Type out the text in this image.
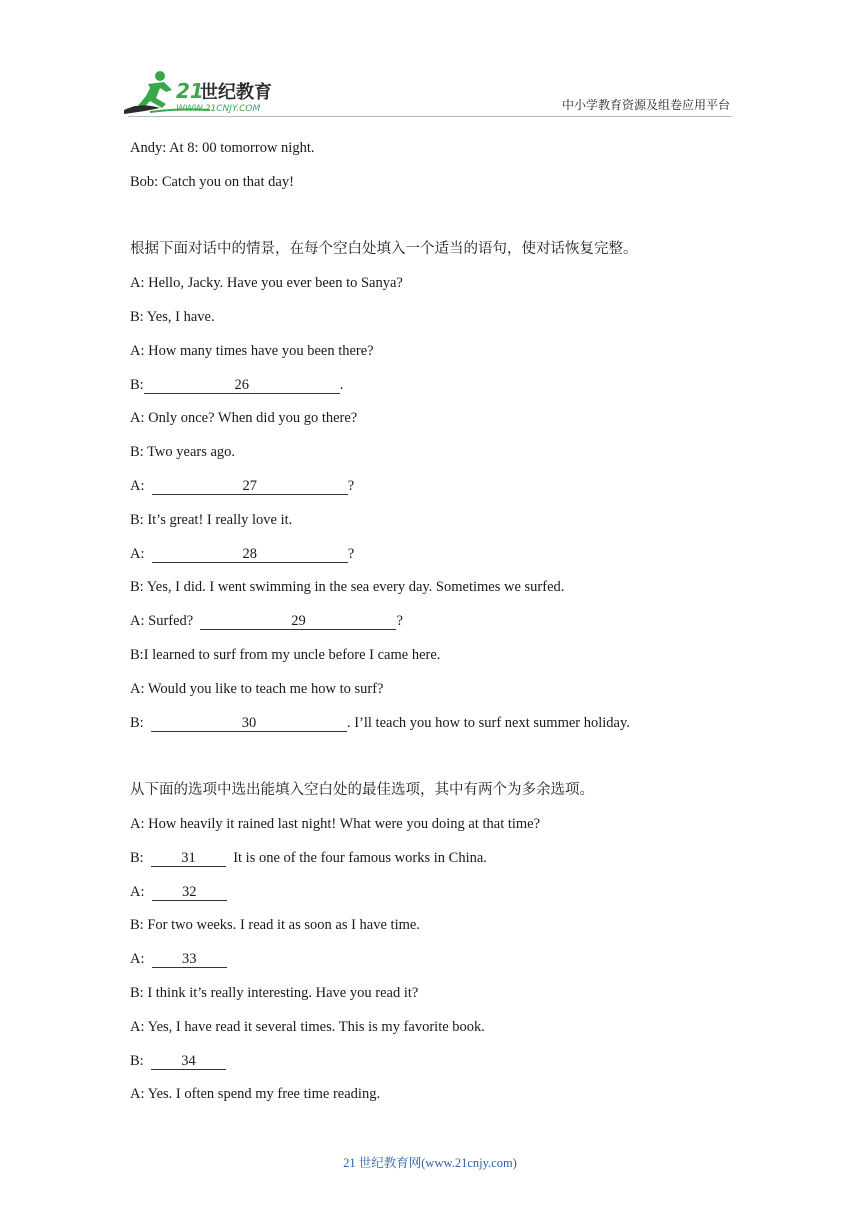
21
世纪教育
WWW.21CNJY.COM	中小学教育资源及组卷应用平台
Andy: At 8: 00 tomorrow night.
Bob: Catch you on that day!
根据下面对话中的情景，在每个空白处填入一个适当的语句，使对话恢复完整。
A: Hello, Jacky. Have you ever been to Sanya?
B: Yes, I have.
A: How many times have you been there?
B:	26	.
A: Only once? When did you go there?
B: Two years ago.
A:	27	?
B: It’s great! I really love it.
A:	28	?
B: Yes, I did. I went swimming in the sea every day. Sometimes we surfed.
A: Surfed?	29	?
B:I learned to surf from my uncle before I came here.
A: Would you like to teach me how to surf?
B:	30	. I’ll teach you how to surf next summer holiday.
从下面的选项中选出能填入空白处的最佳选项，其中有两个为多余选项。
A: How heavily it rained last night! What were you doing at that time?
B:  31  It is one of the four famous works in China.
A:  32
B: For two weeks. I read it as soon as I have time.
A:  33
B: I think it’s really interesting. Have you read it?
A: Yes, I have read it several times. This is my favorite book.
B:  34
A: Yes. I often spend my free time reading.
21 世纪教育网(www.21cnjy.com)
